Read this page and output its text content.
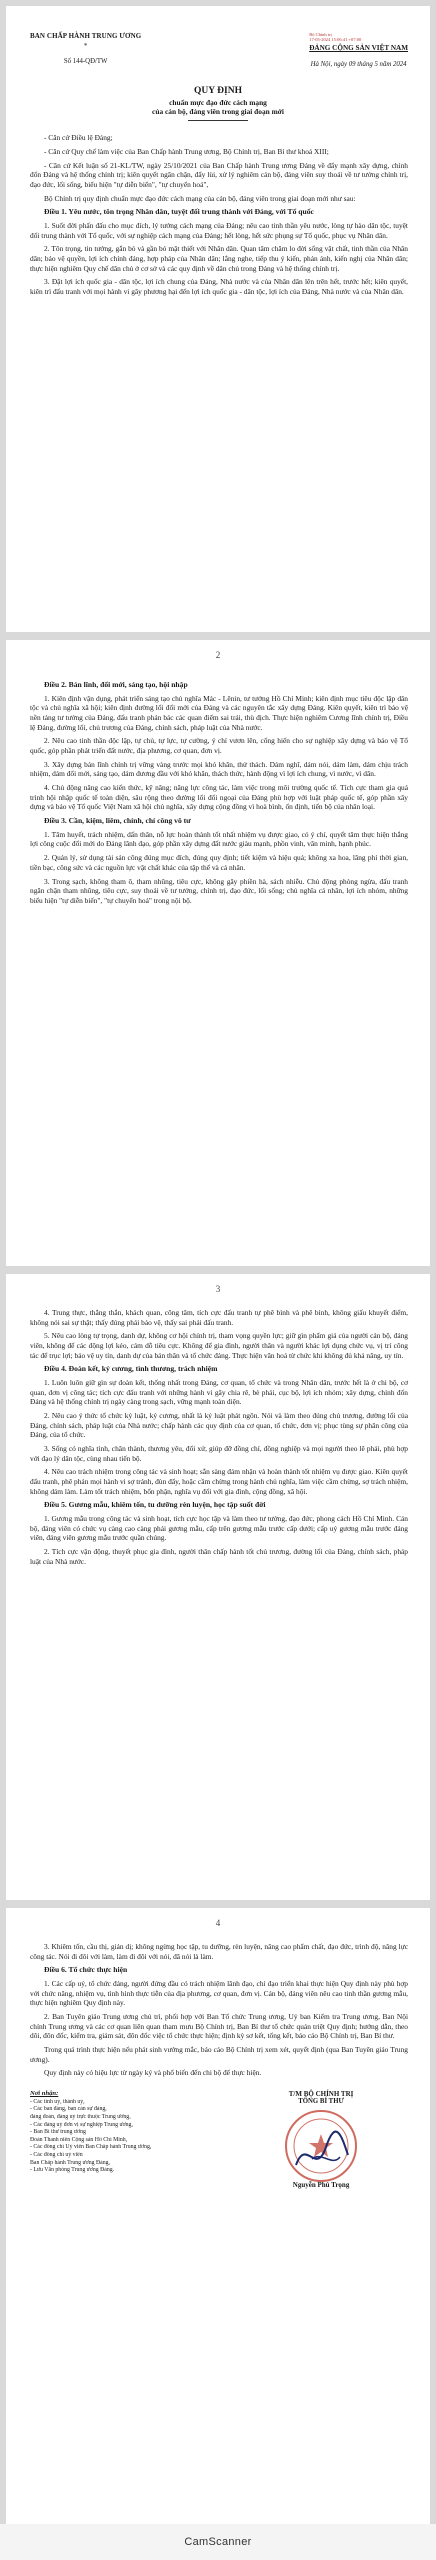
BAN CHẤP HÀNH TRUNG ƯƠNG
*
Số 144-QĐ/TW
Bộ Chính trị
17-05-2024 15:06:41 +07:00
ĐẢNG CỘNG SẢN VIỆT NAM
Hà Nội, ngày 09 tháng 5 năm 2024
QUY ĐỊNH
chuẩn mực đạo đức cách mạng
của cán bộ, đảng viên trong giai đoạn mới

- Căn cứ Điều lệ Đảng;

- Căn cứ Quy chế làm việc của Ban Chấp hành Trung ương, Bộ Chính trị, Ban Bí thư khoá XIII;

- Căn cứ Kết luận số 21-KL/TW, ngày 25/10/2021 của Ban Chấp hành Trung ương Đảng về đẩy mạnh xây dựng, chỉnh đốn Đảng và hệ thống chính trị; kiên quyết ngăn chặn, đẩy lùi, xử lý nghiêm cán bộ, đảng viên suy thoái về tư tưởng chính trị, đạo đức, lối sống, biểu hiện "tự diễn biến", "tự chuyển hoá",

Bộ Chính trị quy định chuẩn mực đạo đức cách mạng của cán bộ, đảng viên trong giai đoạn mới như sau:

Điều 1. Yêu nước, tôn trọng Nhân dân, tuyệt đối trung thành với Đảng, với Tổ quốc

1. Suốt đời phấn đấu cho mục đích, lý tưởng cách mạng của Đảng; nêu cao tinh thần yêu nước, lòng tự hào dân tộc, tuyệt đối trung thành với Tổ quốc, với sự nghiệp cách mạng của Đảng; hết lòng, hết sức phụng sự Tổ quốc, phục vụ Nhân dân.

2. Tôn trọng, tin tưởng, gắn bó và gần bó mật thiết với Nhân dân. Quan tâm chăm lo đời sống vật chất, tinh thần của Nhân dân; bảo vệ quyền, lợi ích chính đáng, hợp pháp của Nhân dân; lắng nghe, tiếp thu ý kiến, phản ánh, kiến nghị của Nhân dân; thực hiện nghiêm Quy chế dân chủ ở cơ sở và các quy định về dân chủ trong Đảng và hệ thống chính trị.

3. Đặt lợi ích quốc gia - dân tộc, lợi ích chung của Đảng, Nhà nước và của Nhân dân lên trên hết, trước hết; kiên quyết, kiên trì đấu tranh với mọi hành vi gây phương hại đến lợi ích quốc gia - dân tộc, lợi ích của Đảng, Nhà nước và của Nhân dân.

2
Điều 2. Bản lĩnh, đổi mới, sáng tạo, hội nhập

1. Kiên định vận dụng, phát triển sáng tạo chủ nghĩa Mác - Lênin, tư tưởng Hồ Chí Minh; kiên định mục tiêu độc lập dân tộc và chủ nghĩa xã hội; kiên định đường lối đổi mới của Đảng và các nguyên tắc xây dựng Đảng. Kiên quyết, kiên trì bảo vệ nền tảng tư tưởng của Đảng, đấu tranh phản bác các quan điểm sai trái, thù địch. Thực hiện nghiêm Cương lĩnh chính trị, Điều lệ Đảng, đường lối, chủ trương của Đảng, chính sách, pháp luật của Nhà nước.

2. Nêu cao tinh thần độc lập, tự chủ, tự lực, tự cường, ý chí vươn lên, cống hiến cho sự nghiệp xây dựng và bảo vệ Tổ quốc, góp phần phát triển đất nước, địa phương, cơ quan, đơn vị.

3. Xây dựng bản lĩnh chính trị vững vàng trước mọi khó khăn, thử thách. Dám nghĩ, dám nói, dám làm, dám chịu trách nhiệm, dám đổi mới, sáng tạo, dám đương đầu với khó khăn, thách thức, hành động vì lợi ích chung, vì nước, vì dân.

4. Chủ động nâng cao kiến thức, kỹ năng; năng lực công tác, làm việc trong môi trường quốc tế. Tích cực tham gia quá trình hội nhập quốc tế toàn diện, sâu rộng theo đường lối đối ngoại của Đảng phù hợp với luật pháp quốc tế, góp phần xây dựng và bảo vệ Tổ quốc Việt Nam xã hội chủ nghĩa, xây dựng cộng đồng vì hoà bình, ổn định, tiến bộ của nhân loại.

Điều 3. Cần, kiệm, liêm, chính, chí công vô tư

1. Tâm huyết, trách nhiệm, dấn thân, nỗ lực hoàn thành tốt nhất nhiệm vụ được giao, có ý chí, quyết tâm thực hiện thắng lợi công cuộc đổi mới do Đảng lãnh đạo, góp phần xây dựng đất nước giàu mạnh, phồn vinh, văn minh, hạnh phúc.

2. Quản lý, sử dụng tài sản công đúng mục đích, đúng quy định; tiết kiệm và hiệu quả; không xa hoa, lãng phí thời gian, tiền bạc, công sức và các nguồn lực vật chất khác của tập thể và cá nhân.

3. Trong sạch, không tham ô, tham nhũng, tiêu cực, không gây phiền hà, sách nhiễu. Chủ động phòng ngừa, đấu tranh ngăn chặn tham nhũng, tiêu cực, suy thoái về tư tưởng, chính trị, đạo đức, lối sống; chủ nghĩa cá nhân, lợi ích nhóm, những biểu hiện "tự diễn biến", "tự chuyển hoá" trong nội bộ.

3

4. Trung thực, thẳng thắn, khách quan, công tâm, tích cực đấu tranh tự phê bình và phê bình, không giấu khuyết điểm, không nói sai sự thật; thấy đúng phải bảo vệ, thấy sai phải đấu tranh.

5. Nêu cao lòng tự trọng, danh dự, không cơ hội chính trị, tham vọng quyền lực; giữ gìn phẩm giá của người cán bộ, đảng viên, không để các động lợi kéo, cám dỗ tiêu cực. Không để gia đình, người thân và người khác lợi dụng chức vụ, vị trí công tác để trục lợi; bảo vệ uy tín, danh dự của bản thân và tổ chức đảng. Thực hiện văn hoá từ chức khi không đủ khả năng, uy tín.

Điều 4. Đoàn kết, kỷ cương, tình thương, trách nhiệm

1. Luôn luôn giữ gìn sự đoàn kết, thống nhất trong Đảng, cơ quan, tổ chức và trong Nhân dân, trước hết là ở chi bộ, cơ quan, đơn vị công tác; tích cực đấu tranh với những hành vi gây chia rẽ, bè phái, cục bộ, lợi ích nhóm; xây dựng, chỉnh đốn Đảng và hệ thống chính trị ngày càng trong sạch, vững mạnh toàn diện.

2. Nêu cao ý thức tổ chức kỷ luật, kỷ cương, nhất là kỷ luật phát ngôn. Nói và làm theo đúng chủ trương, đường lối của Đảng, chính sách, pháp luật của Nhà nước; chấp hành các quy định của cơ quan, tổ chức, đơn vị; phục tùng sự phân công của Đảng, của tổ chức.

3. Sống có nghĩa tình, chân thành, thương yêu, đối xử, giúp đỡ đồng chí, đồng nghiệp và mọi người theo lẽ phải, phù hợp với đạo lý dân tộc, cùng nhau tiến bộ.

4. Nêu cao trách nhiệm trong công tác và sinh hoạt; sẵn sàng đảm nhận và hoàn thành tốt nhiệm vụ được giao. Kiên quyết đấu tranh, phê phán mọi hành vi sợ tránh, đùn đẩy, hoặc cầm chừng trong hành chủ nghĩa, làm việc cầm chừng, sợ trách nhiệm, không dám làm. Làm tốt trách nhiệm, bổn phận, nghĩa vụ đối với gia đình, cộng đồng, xã hội.

Điều 5. Gương mẫu, khiêm tốn, tu dưỡng rèn luyện, học tập suốt đời

1. Gương mẫu trong công tác và sinh hoạt, tích cực học tập và làm theo tư tưởng, đạo đức, phong cách Hồ Chí Minh. Cán bộ, đảng viên có chức vụ càng cao càng phải gương mẫu, cấp trên gương mẫu trước cấp dưới; cấp uỷ gương mẫu trước đảng viên, đảng viên gương mẫu trước quần chúng.

2. Tích cực vận động, thuyết phục gia đình, người thân chấp hành tốt chủ trương, đường lối của Đảng, chính sách, pháp luật của Nhà nước.

4

3. Khiêm tốn, cầu thị, giản dị; không ngừng học tập, tu dưỡng, rèn luyện, nâng cao phẩm chất, đạo đức, trình độ, năng lực công tác. Nói đi đôi với làm, làm đi đôi với nói, đã nói là làm.

Điều 6. Tổ chức thực hiện

1. Các cấp uỷ, tổ chức đảng, người đứng đầu có trách nhiệm lãnh đạo, chỉ đạo triển khai thực hiện Quy định này phù hợp với chức năng, nhiệm vụ, tình hình thực tiễn của địa phương, cơ quan, đơn vị. Cán bộ, đảng viên nêu cao tinh thần gương mẫu, thực hiện nghiêm Quy định này.

2. Ban Tuyên giáo Trung ương chủ trì, phối hợp với Ban Tổ chức Trung ương, Uỷ ban Kiểm tra Trung ương, Ban Nội chính Trung ương và các cơ quan liên quan tham mưu Bộ Chính trị, Ban Bí thư tổ chức quán triệt Quy định; hướng dẫn, theo dõi, đôn đốc, kiểm tra, giám sát, đôn đốc việc tổ chức thực hiện; định kỳ sơ kết, tổng kết, báo cáo Bộ Chính trị, Ban Bí thư.

Trong quá trình thực hiện nếu phát sinh vướng mắc, báo cáo Bộ Chính trị xem xét, quyết định (qua Ban Tuyên giáo Trung ương).

Quy định này có hiệu lực từ ngày ký và phổ biến đến chi bộ để thực hiện.

Nơi nhận:
- Các tỉnh uỷ, thành uỷ,
- Các ban đảng, ban cán sự đảng,
đảng đoàn, đảng uỷ trực thuộc Trung ương,
- Các đảng uỷ đơn vị sự nghiệp Trung ương,
- Ban Bí thư trung ương
Đoàn Thanh niên Cộng sản Hồ Chí Minh,
- Các đồng chí Uỷ viên Ban Chấp hành Trung ương,
- Các đồng chí uỷ viên
Ban Chấp hành Trung ương Đảng,
- Lưu Văn phòng Trung ương Đảng.
T/M BỘ CHÍNH TRỊ
TỔNG BÍ THƯ
Nguyễn Phú Trọng
CamScanner
